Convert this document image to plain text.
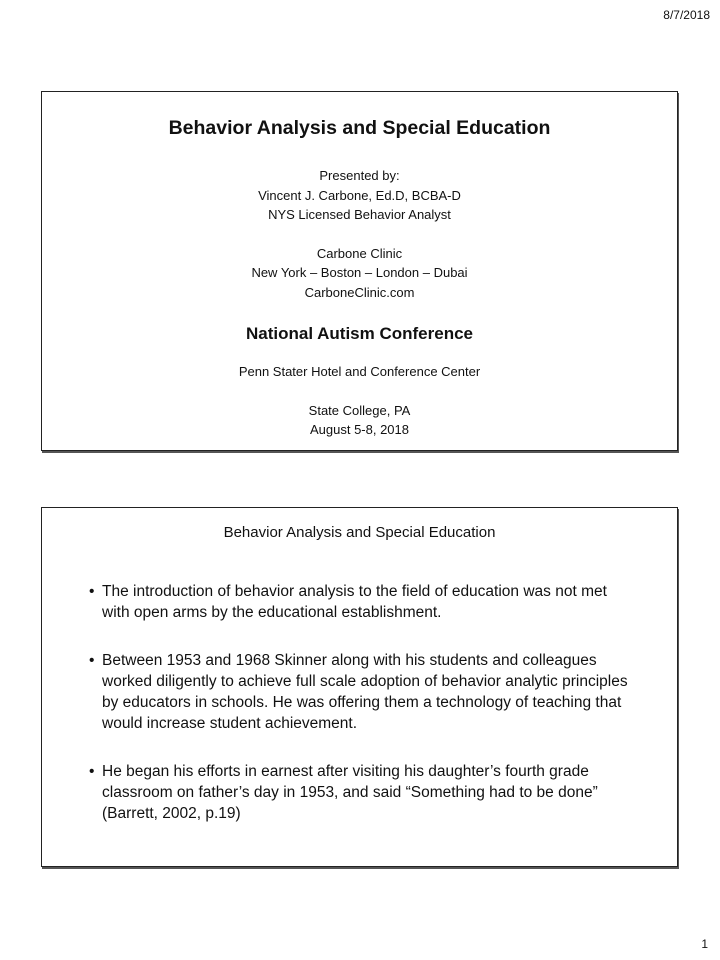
8/7/2018
Behavior Analysis and Special Education
Presented by:
Vincent J. Carbone, Ed.D, BCBA-D
NYS Licensed Behavior Analyst
Carbone Clinic
New York – Boston – London – Dubai
CarboneClinic.com
National Autism Conference
Penn Stater Hotel and Conference Center
State College, PA
August 5-8, 2018
Behavior Analysis and Special Education
• The introduction of behavior analysis to the field of education was not met with open arms by the educational establishment.
• Between 1953 and 1968 Skinner along with his students and colleagues worked diligently to achieve full scale adoption of behavior analytic principles by educators in schools. He was offering them a technology of teaching that would increase student achievement.
• He began his efforts in earnest after visiting his daughter’s fourth grade classroom on father’s day in 1953, and said “Something had to be done” (Barrett, 2002, p.19)
1
